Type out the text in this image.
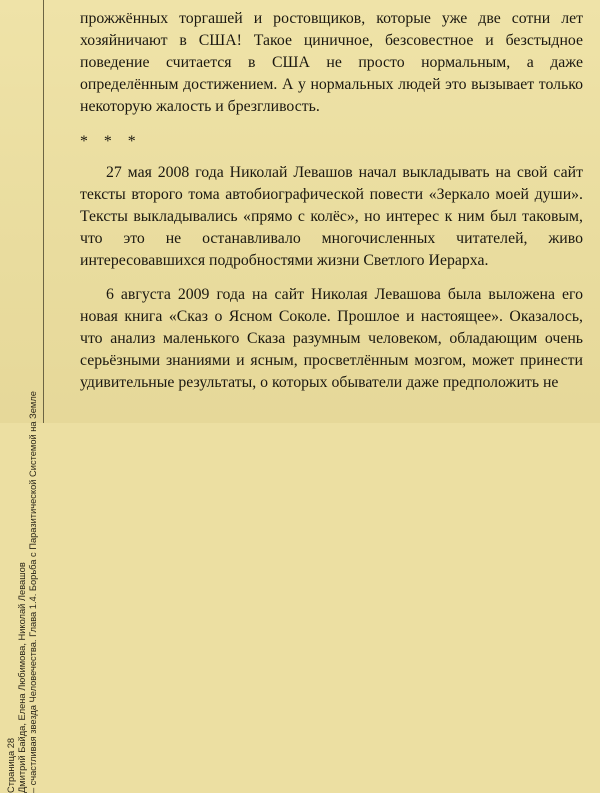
Страница 28 Дмитрий Байда, Елена Любимова, Николай Левашов – счастливая звезда Человечества. Глава 1.4. Борьба с Паразитической Системой на Земле

прожжённых торгашей и ростовщиков, которые уже две сотни лет хозяйничают в США! Такое циничное, безсовестное и безстыдное поведение считается в США не просто нормальным, а даже определённым достижением. А у нормальных людей это вызывает только некоторую жалость и брезгливость.

* * *

27 мая 2008 года Николай Левашов начал выкладывать на свой сайт тексты второго тома автобиографической повести «Зеркало моей души». Тексты выкладывались «прямо с колёс», но интерес к ним был таковым, что это не останавливало многочисленных читателей, живо интересовавшихся подробностями жизни Светлого Иерарха.

6 августа 2009 года на сайт Николая Левашова была выложена его новая книга «Сказ о Ясном Соколе. Прошлое и настоящее». Оказалось, что анализ маленького Сказа разумным человеком, обладающим очень серьёзными знаниями и ясным, просветлённым мозгом, может принести удивительные результаты, о которых обыватели даже предположить не
